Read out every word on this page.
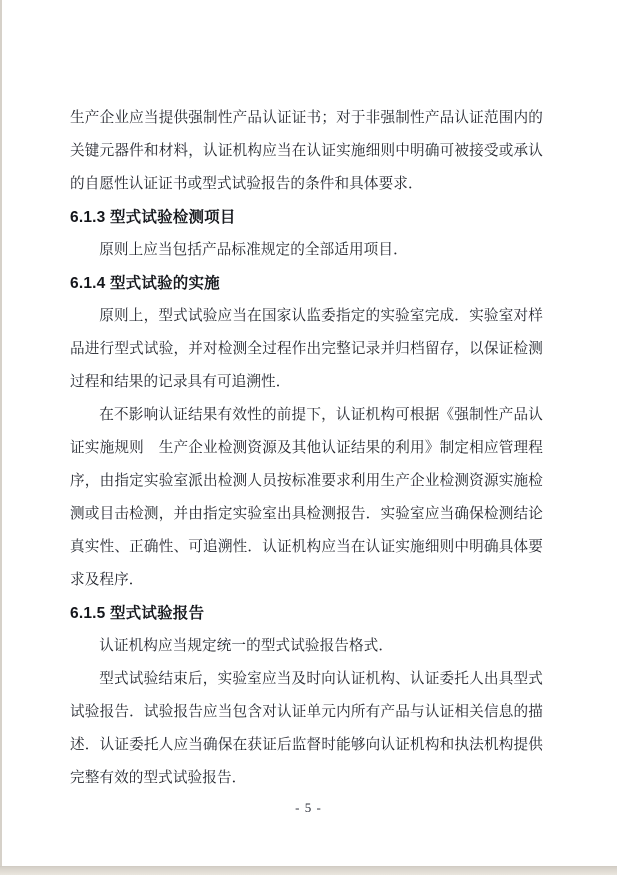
生产企业应当提供强制性产品认证证书；对于非强制性产品认证范围内的关键元器件和材料，认证机构应当在认证实施细则中明确可被接受或承认的自愿性认证证书或型式试验报告的条件和具体要求．

6.1.3 型式试验检测项目

原则上应当包括产品标准规定的全部适用项目．

6.1.4 型式试验的实施

原则上，型式试验应当在国家认监委指定的实验室完成．实验室对样品进行型式试验，并对检测全过程作出完整记录并归档留存，以保证检测过程和结果的记录具有可追溯性．

在不影响认证结果有效性的前提下，认证机构可根据《强制性产品认证实施规则　生产企业检测资源及其他认证结果的利用》制定相应管理程序，由指定实验室派出检测人员按标准要求利用生产企业检测资源实施检测或目击检测，并由指定实验室出具检测报告．实验室应当确保检测结论真实性、正确性、可追溯性．认证机构应当在认证实施细则中明确具体要求及程序．

6.1.5 型式试验报告

认证机构应当规定统一的型式试验报告格式．

型式试验结束后，实验室应当及时向认证机构、认证委托人出具型式试验报告．试验报告应当包含对认证单元内所有产品与认证相关信息的描述．认证委托人应当确保在获证后监督时能够向认证机构和执法机构提供完整有效的型式试验报告．

- 5 -
